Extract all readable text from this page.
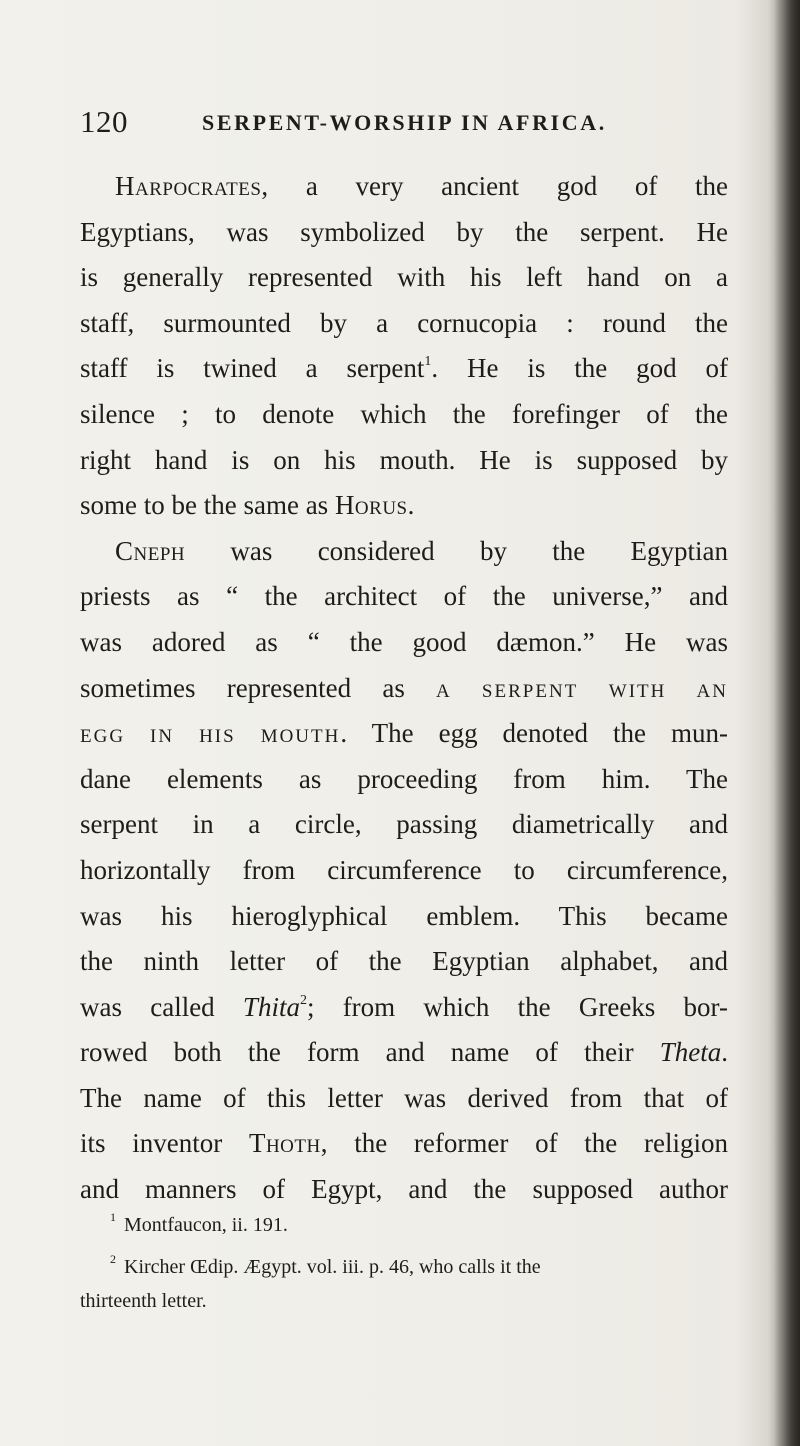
120	SERPENT-WORSHIP IN AFRICA.
Harpocrates, a very ancient god of the
Egyptians, was symbolized by the serpent. He
is generally represented with his left hand on a
staff, surmounted by a cornucopia : round the
staff is twined a serpent$^1$. He is the god of
silence ; to denote which the forefinger of the
right hand is on his mouth. He is supposed by
some to be the same as Horus.
Cneph was considered by the Egyptian
priests as “ the architect of the universe,” and
was adored as “ the good dæmon.” He was
sometimes represented as A SERPENT WITH AN
EGG IN HIS MOUTH. The egg denoted the mun-
dane elements as proceeding from him. The
serpent in a circle, passing diametrically and
horizontally from circumference to circumference,
was his hieroglyphical emblem. This became
the ninth letter of the Egyptian alphabet, and
was called Thita$^2$; from which the Greeks bor-
rowed both the form and name of their Theta.
The name of this letter was derived from that of
its inventor Thoth, the reformer of the religion
and manners of Egypt, and the supposed author
$^1$ Montfaucon, ii. 191.
$^2$ Kircher Œdip. Ægypt. vol. iii. p. 46, who calls it the
thirteenth letter.
